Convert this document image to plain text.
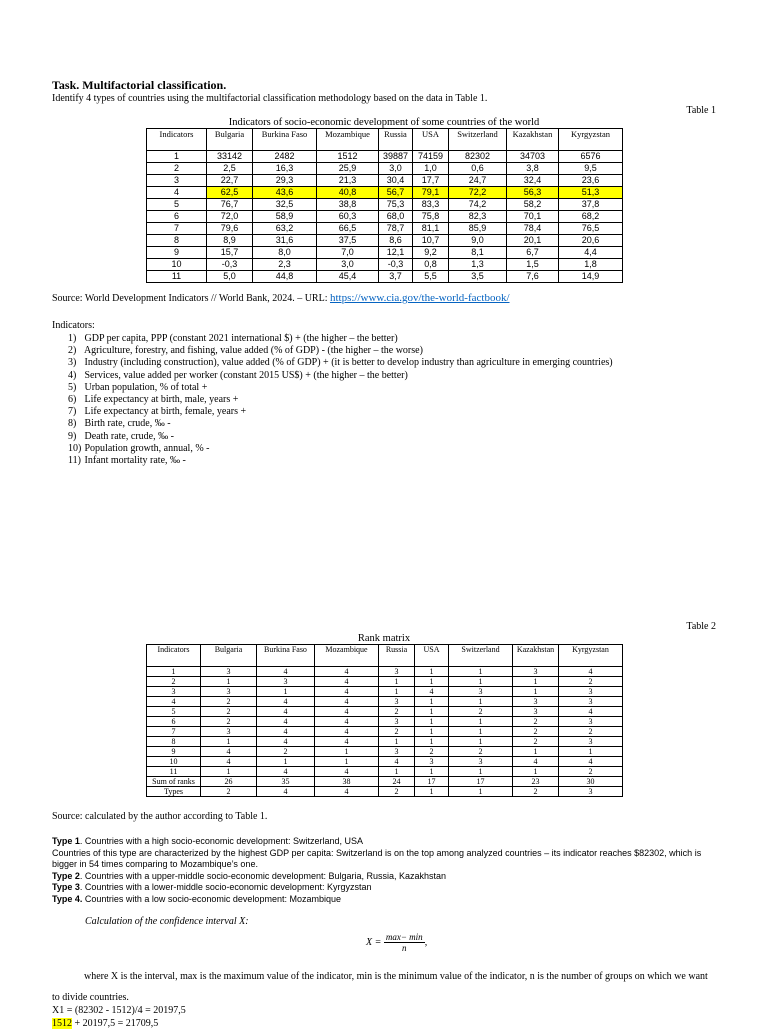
Task. Multifactorial classification.
Identify 4 types of countries using the multifactorial classification methodology based on the data in Table 1.
Table 1
Indicators of socio-economic development of some countries of the world
Indicators	Bulgaria	Burkina Faso	Mozambique	Russia	USA	Switzerland	Kazakhstan	Kyrgyzstan
1	33142	2482	1512	39887	74159	82302	34703	6576
2	2,5	16,3	25,9	3,0	1,0	0,6	3,8	9,5
3	22,7	29,3	21,3	30,4	17,7	24,7	32,4	23,6
4	62,5	43,6	40,8	56,7	79,1	72,2	56,3	51,3
5	76,7	32,5	38,8	75,3	83,3	74,2	58,2	37,8
6	72,0	58,9	60,3	68,0	75,8	82,3	70,1	68,2
7	79,6	63,2	66,5	78,7	81,1	85,9	78,4	76,5
8	8,9	31,6	37,5	8,6	10,7	9,0	20,1	20,6
9	15,7	8,0	7,0	12,1	9,2	8,1	6,7	4,4
10	-0,3	2,3	3,0	-0,3	0,8	1,3	1,5	1,8
11	5,0	44,8	45,4	3,7	5,5	3,5	7,6	14,9
Source: World Development Indicators // World Bank, 2024. – URL: https://www.cia.gov/the-world-factbook/
Indicators:
1) GDP per capita, PPP (constant 2021 international $) + (the higher – the better)
2) Agriculture, forestry, and fishing, value added (% of GDP) - (the higher – the worse)
3) Industry (including construction), value added (% of GDP) + (it is better to develop industry than agriculture in emerging countries)
4) Services, value added per worker (constant 2015 US$) + (the higher – the better)
5) Urban population, % of total +
6) Life expectancy at birth, male, years +
7) Life expectancy at birth, female, years +
8) Birth rate, crude, ‰ -
9) Death rate, crude, ‰ -
10) Population growth, annual, % -
11) Infant mortality rate, ‰ -
Table 2
Rank matrix
Indicators	Bulgaria	Burkina Faso	Mozambique	Russia	USA	Switzerland	Kazakhstan	Kyrgyzstan
1	3	4	4	3	1	1	3	4
2	1	3	4	1	1	1	1	2
3	3	1	4	1	4	3	1	3
4	2	4	4	3	1	1	3	3
5	2	4	4	2	1	2	3	4
6	2	4	4	3	1	1	2	3
7	3	4	4	2	1	1	2	2
8	1	4	4	1	1	1	2	3
9	4	2	1	3	2	2	1	1
10	4	1	1	4	3	3	4	4
11	1	4	4	1	1	1	1	2
Sum of ranks	26	35	38	24	17	17	23	30
Types	2	4	4	2	1	1	2	3
Source: calculated by the author according to Table 1.
Type 1. Countries with a high socio-economic development: Switzerland, USA
Countries of this type are characterized by the highest GDP per capita: Switzerland is on the top among analyzed countries – its indicator reaches $82302, which is bigger in 54 times comparing to Mozambique’s one.
Type 2. Countries with a upper-middle socio-economic development: Bulgaria, Russia, Kazakhstan
Type 3. Countries with a lower-middle socio-economic development: Kyrgyzstan
Type 4. Countries with a low socio-economic development: Mozambique
Calculation of the confidence interval X:
$X = \frac{\max- \min}{n}$ ,
where X is the interval, max is the maximum value of the indicator, min is the minimum value of the indicator, n is the number of groups on which we want to divide countries.
X1 = (82302 - 1512)/4 = 20197,5
1512 + 20197,5 = 21709,5
